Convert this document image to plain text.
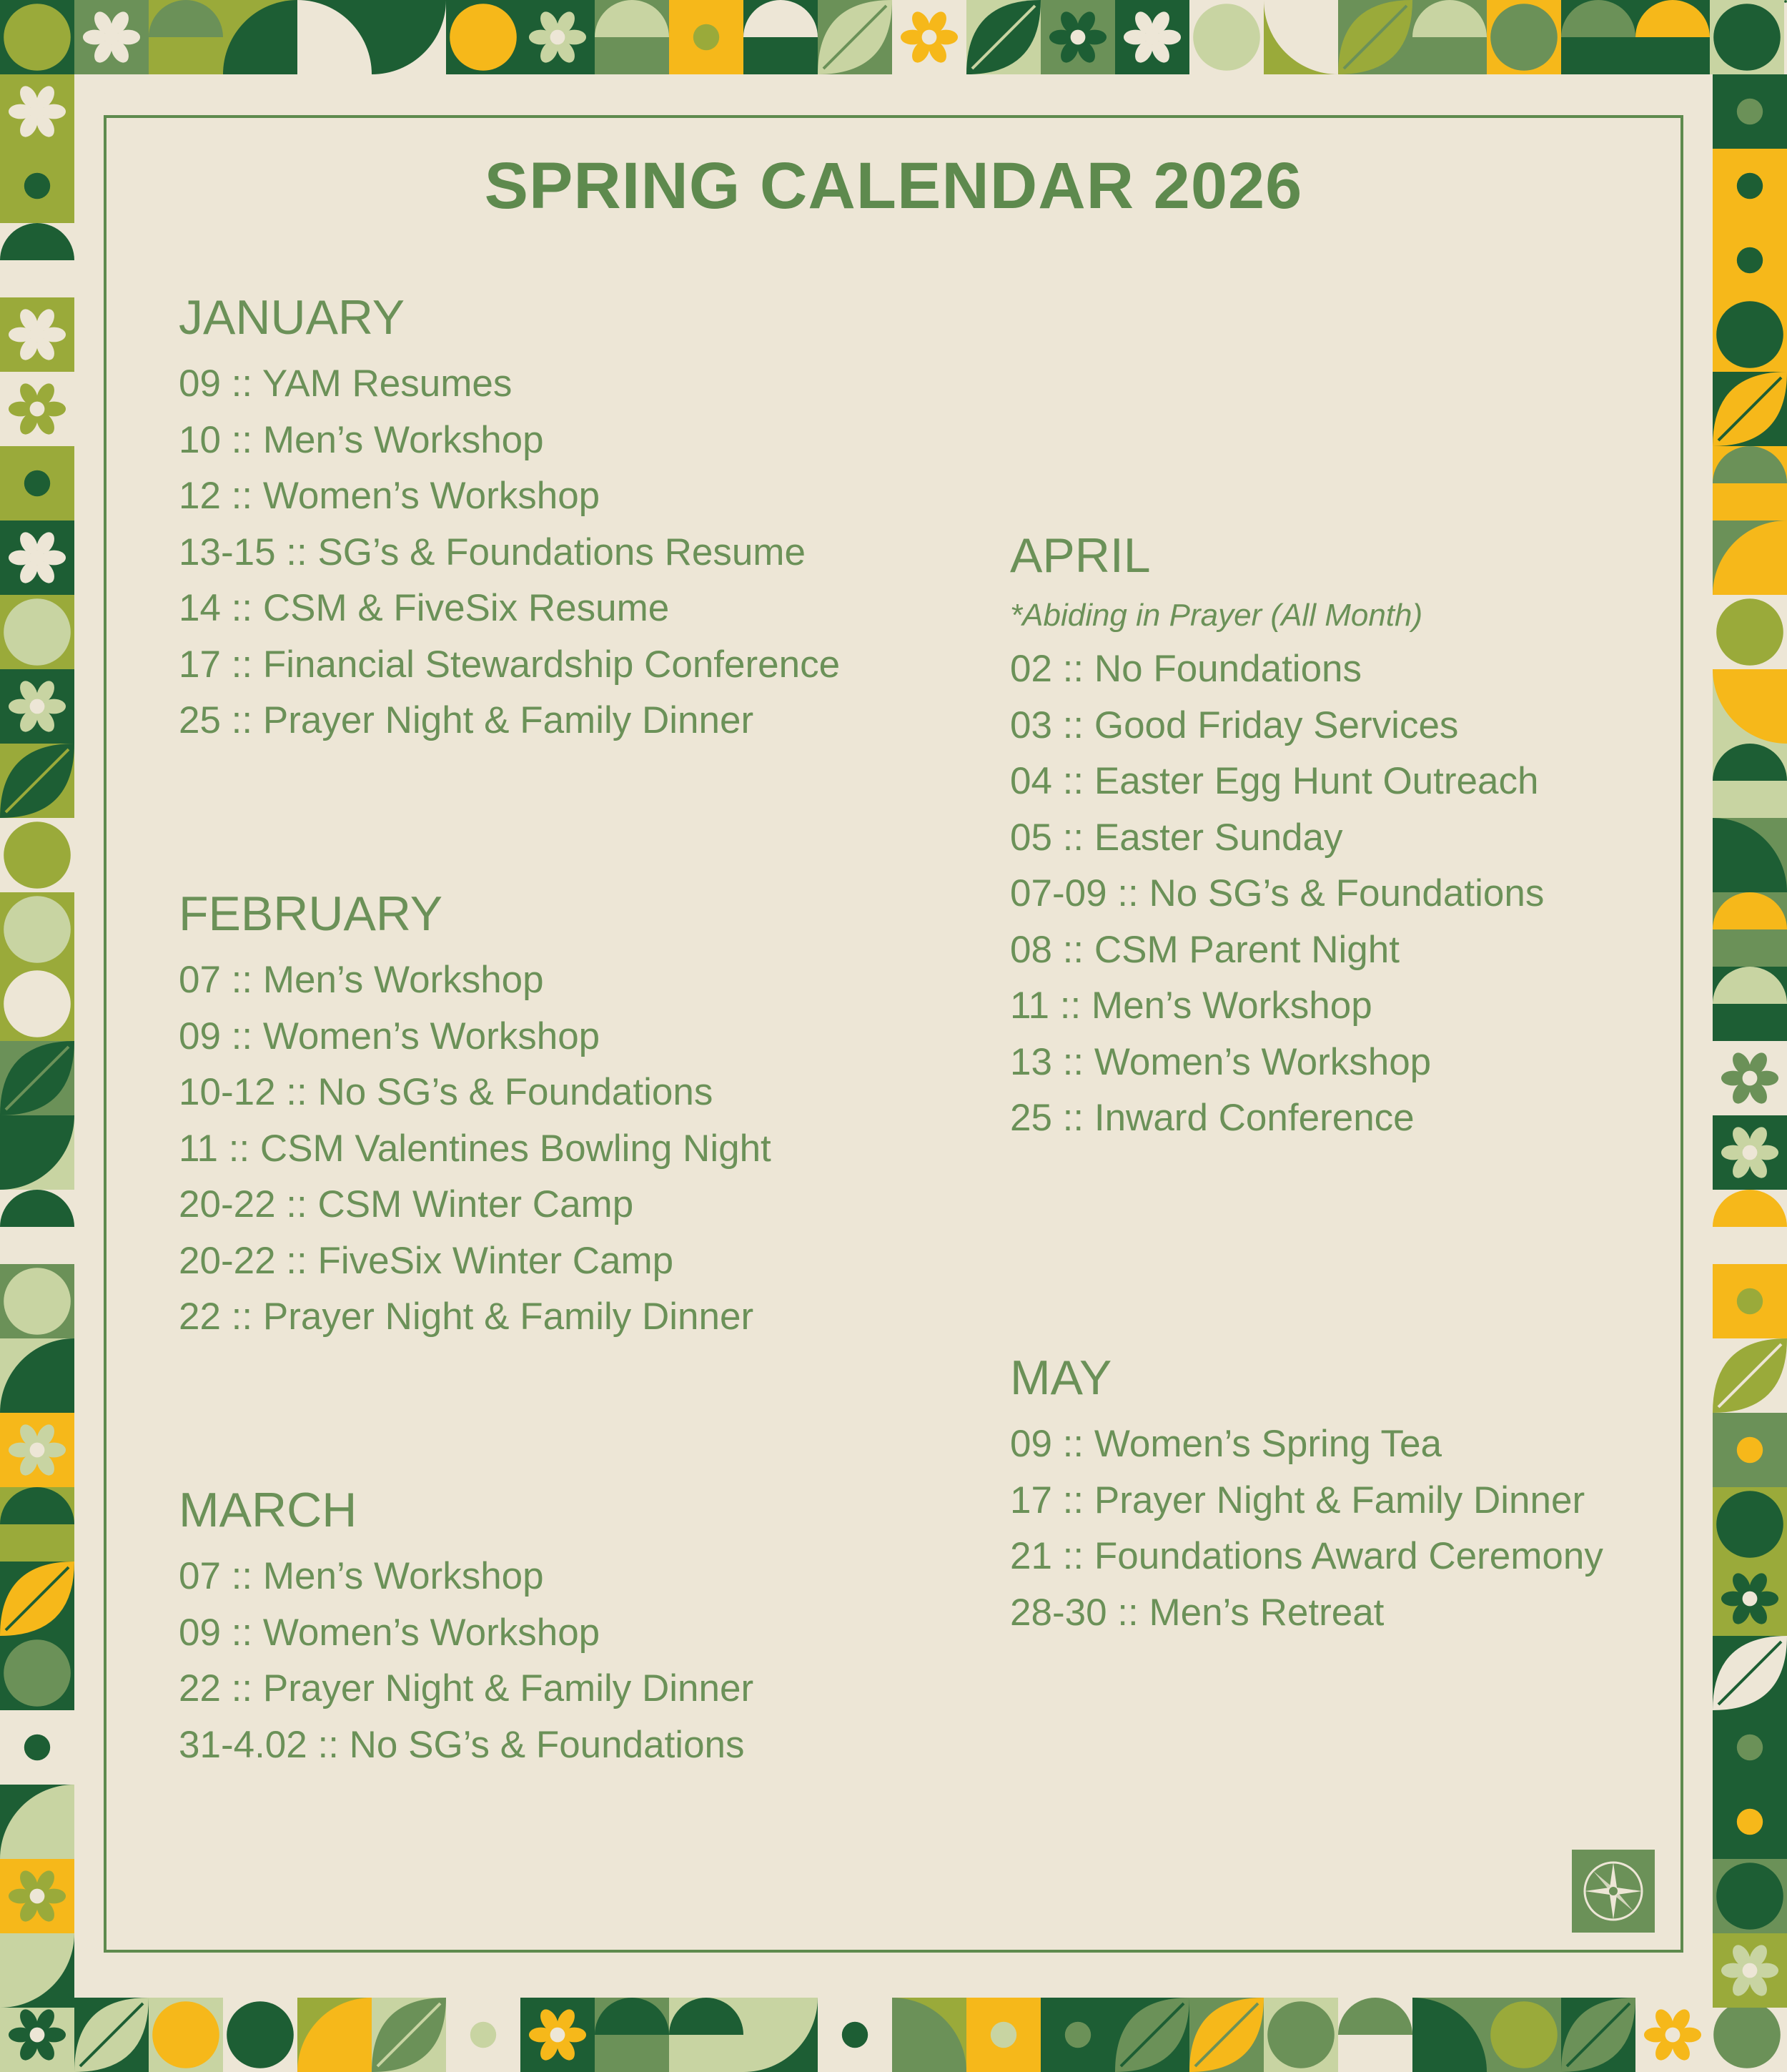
SPRING CALENDAR 2026
JANUARY
09 :: YAM Resumes
10 :: Men’s Workshop
12 :: Women’s Workshop
13-15 :: SG’s & Foundations Resume
14 :: CSM & FiveSix Resume
17 :: Financial Stewardship Conference
25 :: Prayer Night & Family Dinner
FEBRUARY
07 :: Men’s Workshop
09 :: Women’s Workshop
10-12 :: No SG’s & Foundations
11 :: CSM Valentines Bowling Night
20-22 :: CSM Winter Camp
20-22 :: FiveSix Winter Camp
22 :: Prayer Night & Family Dinner
MARCH
07 :: Men’s Workshop
09 :: Women’s Workshop
22 :: Prayer Night & Family Dinner
31-4.02 :: No SG’s & Foundations
APRIL
*Abiding in Prayer (All Month)
02 :: No Foundations
03 :: Good Friday Services
04 :: Easter Egg Hunt Outreach
05 :: Easter Sunday
07-09 :: No SG’s & Foundations
08 :: CSM Parent Night
11 :: Men’s Workshop
13 :: Women’s Workshop
25 :: Inward Conference
MAY
09 :: Women’s Spring Tea
17 :: Prayer Night & Family Dinner
21 :: Foundations Award Ceremony
28-30 :: Men’s Retreat
